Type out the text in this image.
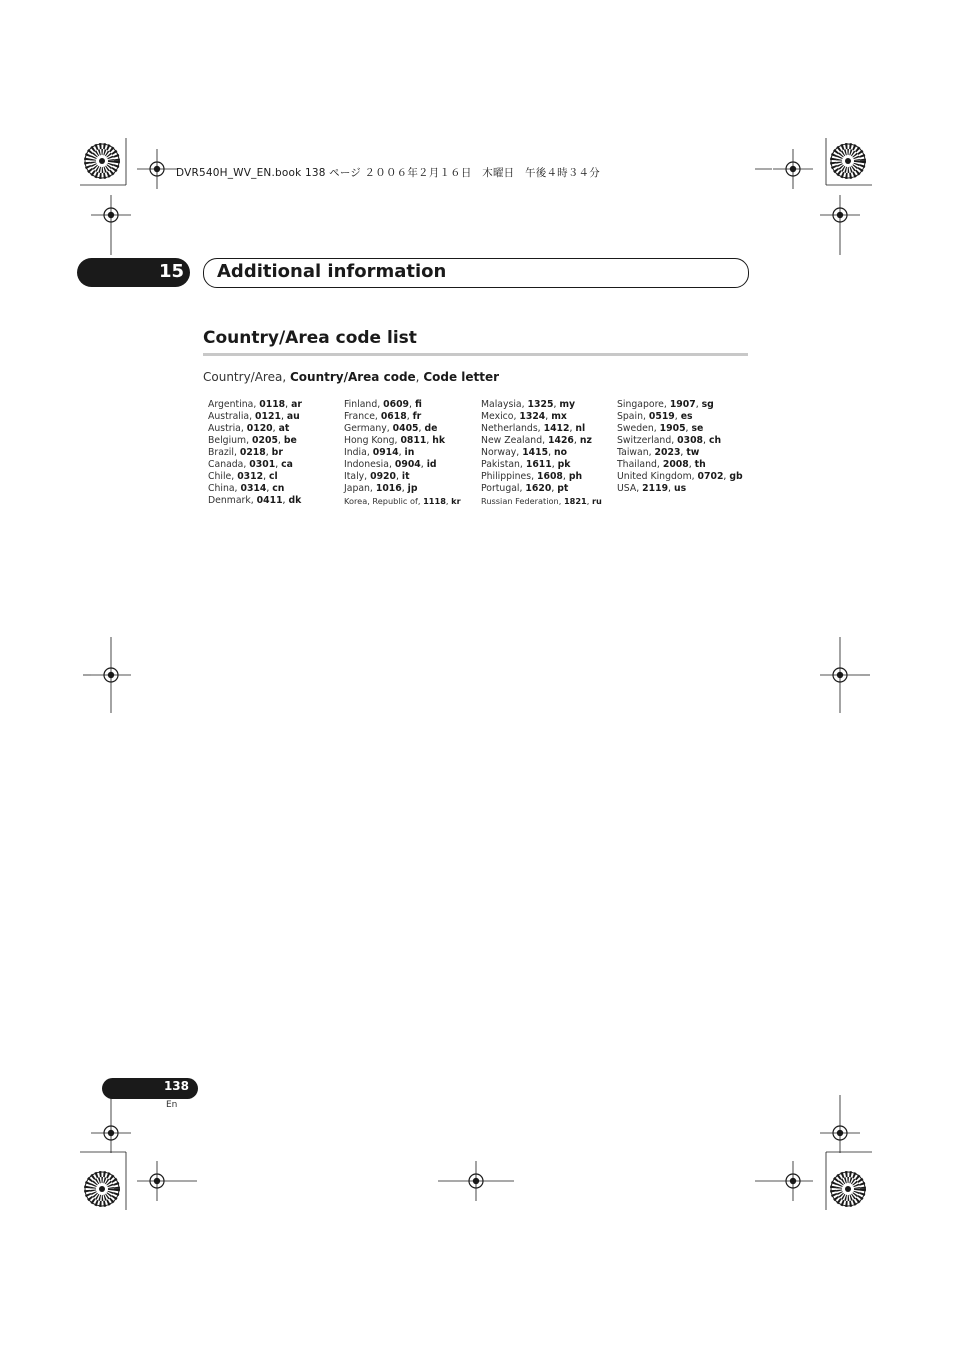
DVR540H_WV_EN.book 138 ページ ２００６年２月１６日　木曜日　午後４時３４分
15 Additional information
Country/Area code list
Country/Area, Country/Area code, Code letter
Argentina, 0118, ar
Australia, 0121, au
Austria, 0120, at
Belgium, 0205, be
Brazil, 0218, br
Canada, 0301, ca
Chile, 0312, cl
China, 0314, cn
Denmark, 0411, dk
Finland, 0609, fi
France, 0618, fr
Germany, 0405, de
Hong Kong, 0811, hk
India, 0914, in
Indonesia, 0904, id
Italy, 0920, it
Japan, 1016, jp
Korea, Republic of, 1118, kr
Malaysia, 1325, my
Mexico, 1324, mx
Netherlands, 1412, nl
New Zealand, 1426, nz
Norway, 1415, no
Pakistan, 1611, pk
Philippines, 1608, ph
Portugal, 1620, pt
Russian Federation, 1821, ru
Singapore, 1907, sg
Spain, 0519, es
Sweden, 1905, se
Switzerland, 0308, ch
Taiwan, 2023, tw
Thailand, 2008, th
United Kingdom, 0702, gb
USA, 2119, us
138
En
